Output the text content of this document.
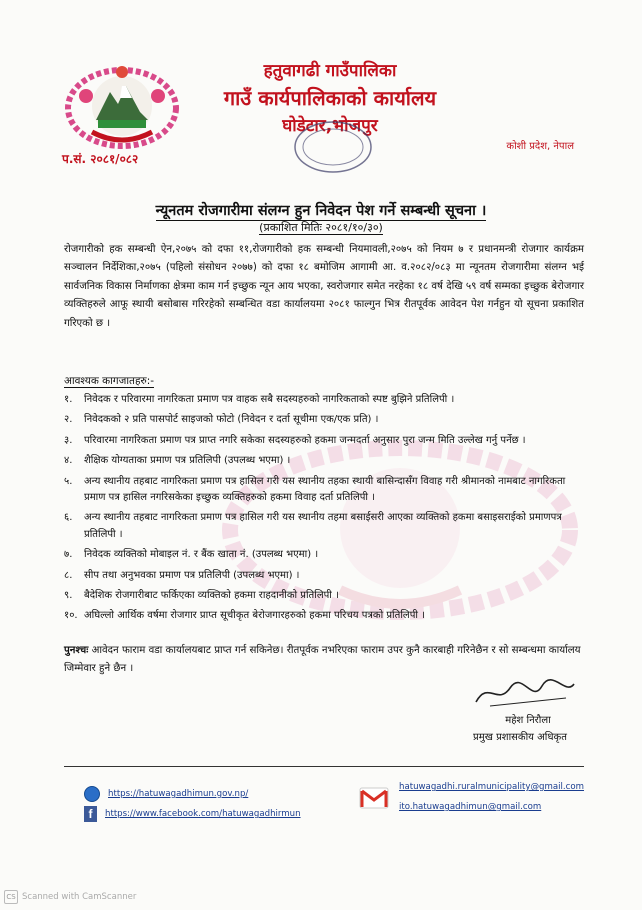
हतुवागढी गाउँपालिका
गाउँ कार्यपालिकाको कार्यालय
घोडेटार,भोजपुर
कोशी प्रदेश, नेपाल
प.सं. २०८१/०८२
न्यूनतम रोजगारीमा संलग्न हुन निवेदन पेश गर्ने सम्बन्धी सूचना ।
(प्रकाशित मितिः २०८१/१०/३०)
रोजगारीको हक सम्बन्धी ऐन,२०७५ को दफा ११,रोजगारीको हक सम्बन्धी नियमावली,२०७५ को नियम ७ र प्रधानमन्त्री रोजगार कार्यक्रम सञ्चालन निर्देशिका,२०७५ (पहिलो संसोधन २०७७) को दफा १८ बमोजिम आगामी आ. व.२०८२/०८३ मा न्यूनतम रोजगारीमा संलग्न भई सार्वजनिक विकास निर्माणका क्षेत्रमा काम गर्न इच्छुक न्यून आय भएका, स्वरोजगार समेत नरहेका १८ वर्ष देखि ५९ वर्ष सम्मका इच्छुक बेरोजगार व्यक्तिहरुले आफू स्थायी बसोबास गरिरहेको सम्बन्धित वडा कार्यालयमा २०८१ फाल्गुन भित्र रीतपूर्वक आवेदन पेश गर्नहुन यो सूचना प्रकाशित गरिएको छ ।
आवश्यक कागजातहरु:-
१.	निवेदक र परिवारमा नागरिकता प्रमाण पत्र वाहक सबै सदस्यहरुको नागरिकताको स्पष्ट बुझिने प्रतिलिपी ।
२.	निवेदकको २ प्रति पासपोर्ट साइजको फोटो (निवेदन र दर्ता सूचीमा एक/एक प्रति) ।
३.	परिवारमा नागरिकता प्रमाण पत्र प्राप्त नगरि सकेका सदस्यहरुको हकमा जन्मदर्ता अनुसार पुरा जन्म मिति उल्लेख गर्नु पर्नेछ ।
४.	शैक्षिक योग्यताका प्रमाण पत्र प्रतिलिपी (उपलब्ध भएमा) ।
५.	अन्य स्थानीय तहबाट नागरिकता प्रमाण पत्र हासिल गरी यस स्थानीय तहका स्थायी बासिन्दासँग विवाह गरी श्रीमानको नामबाट नागरिकता प्रमाण पत्र हासिल नगरिसकेका इच्छुक व्यक्तिहरुको हकमा विवाह दर्ता प्रतिलिपी ।
६.	अन्य स्थानीय तहबाट नागरिकता प्रमाण पत्र हासिल गरी यस स्थानीय तहमा बसाईसरी आएका व्यक्तिको हकमा बसाइसराईको प्रमाणपत्र प्रतिलिपी ।
७.	निवेदक व्यक्तिको मोबाइल नं. र बैंक खाता नं. (उपलब्ध भएमा) ।
८.	सीप तथा अनुभवका प्रमाण पत्र प्रतिलिपी (उपलब्ध भएमा) ।
९.	बैदेशिक रोजगारीबाट फर्किएका व्यक्तिको हकमा राहदानीको प्रतिलिपी ।
१०. अघिल्लो आर्थिक वर्षमा रोजगार प्राप्त सूचीकृत बेरोजगारहरुको हकमा परिचय पत्रको प्रतिलिपी ।
पुनश्चः आवेदन फाराम वडा कार्यालयबाट प्राप्त गर्न सकिनेछ। रीतपूर्वक नभरिएका फाराम उपर कुनै कारबाही गरिनेछैन र सो सम्बन्धमा कार्यालय जिम्मेवार हुने छैन ।
महेश निरौला
प्रमुख प्रशासकीय अधिकृत
https://hatuwagadhimun.gov.np/
f	https://www.facebook.com/hatuwagadhirmun
hatuwagadhi.ruralmunicipality@gmail.com
ito.hatuwagadhimun@gmail.com
CS Scanned with CamScanner
